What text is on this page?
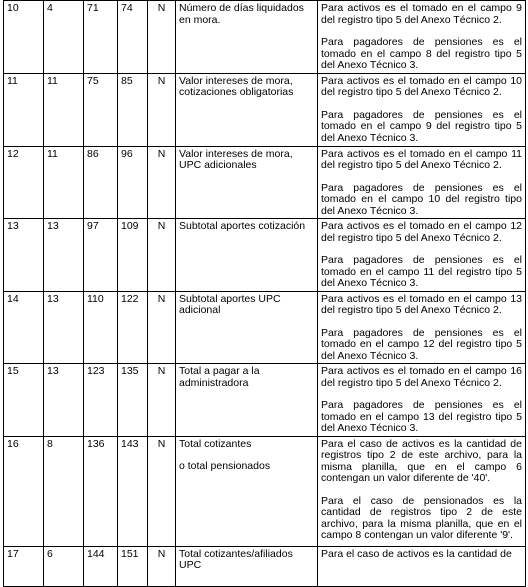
10	4	71	74	N	Número de días liquidados en mora.	Para activos es el tomado en el campo 9 del registro tipo 5 del Anexo Técnico 2.
Para pagadores de pensiones es el tomado en el campo 8 del registro tipo 5 del Anexo Técnico 3.

11	11	75	85	N	Valor intereses de mora, cotizaciones obligatorias	Para activos es el tomado en el campo 10 del registro tipo 5 del Anexo Técnico 2.
Para pagadores de pensiones es el tomado en el campo 9 del registro tipo 5 del Anexo Técnico 3.

12	11	86	96	N	Valor intereses de mora, UPC adicionales	Para activos es el tomado en el campo 11 del registro tipo 5 del Anexo Técnico 2.
Para pagadores de pensiones es el tomado en el campo 10 del registro tipo del Anexo Técnico 3.

13	13	97	109	N	Subtotal aportes cotización	Para activos es el tomado en el campo 12 del registro tipo 5 del Anexo Técnico 2.
Para pagadores de pensiones es el tomado en el campo 11 del registro tipo 5 del Anexo Técnico 3.

14	13	110	122	N	Subtotal aportes UPC adicional	Para activos es el tomado en el campo 13 del registro tipo 5 del Anexo Técnico 2.
Para pagadores de pensiones es el tomado en el campo 12 del registro tipo 5 del Anexo Técnico 3.

15	13	123	135	N	Total a pagar a la administradora	Para activos es el tomado en el campo 16 del registro tipo 5 del Anexo Técnico 2.
Para pagadores de pensiones es el tomado en el campo 13 del registro tipo 5 del Anexo Técnico 3.

16	8	136	143	N	Total cotizantes
o total pensionados	Para el caso de activos es la cantidad de registros tipo 2 de este archivo, para la misma planilla, que en el campo 6 contengan un valor diferente de '40'.
Para el caso de pensionados es la cantidad de registros tipo 2 de este archivo, para la misma planilla, que en el campo 8 contengan un valor diferente '9'.

17	6	144	151	N	Total cotizantes/afiliados UPC	Para el caso de activos es la cantidad de
